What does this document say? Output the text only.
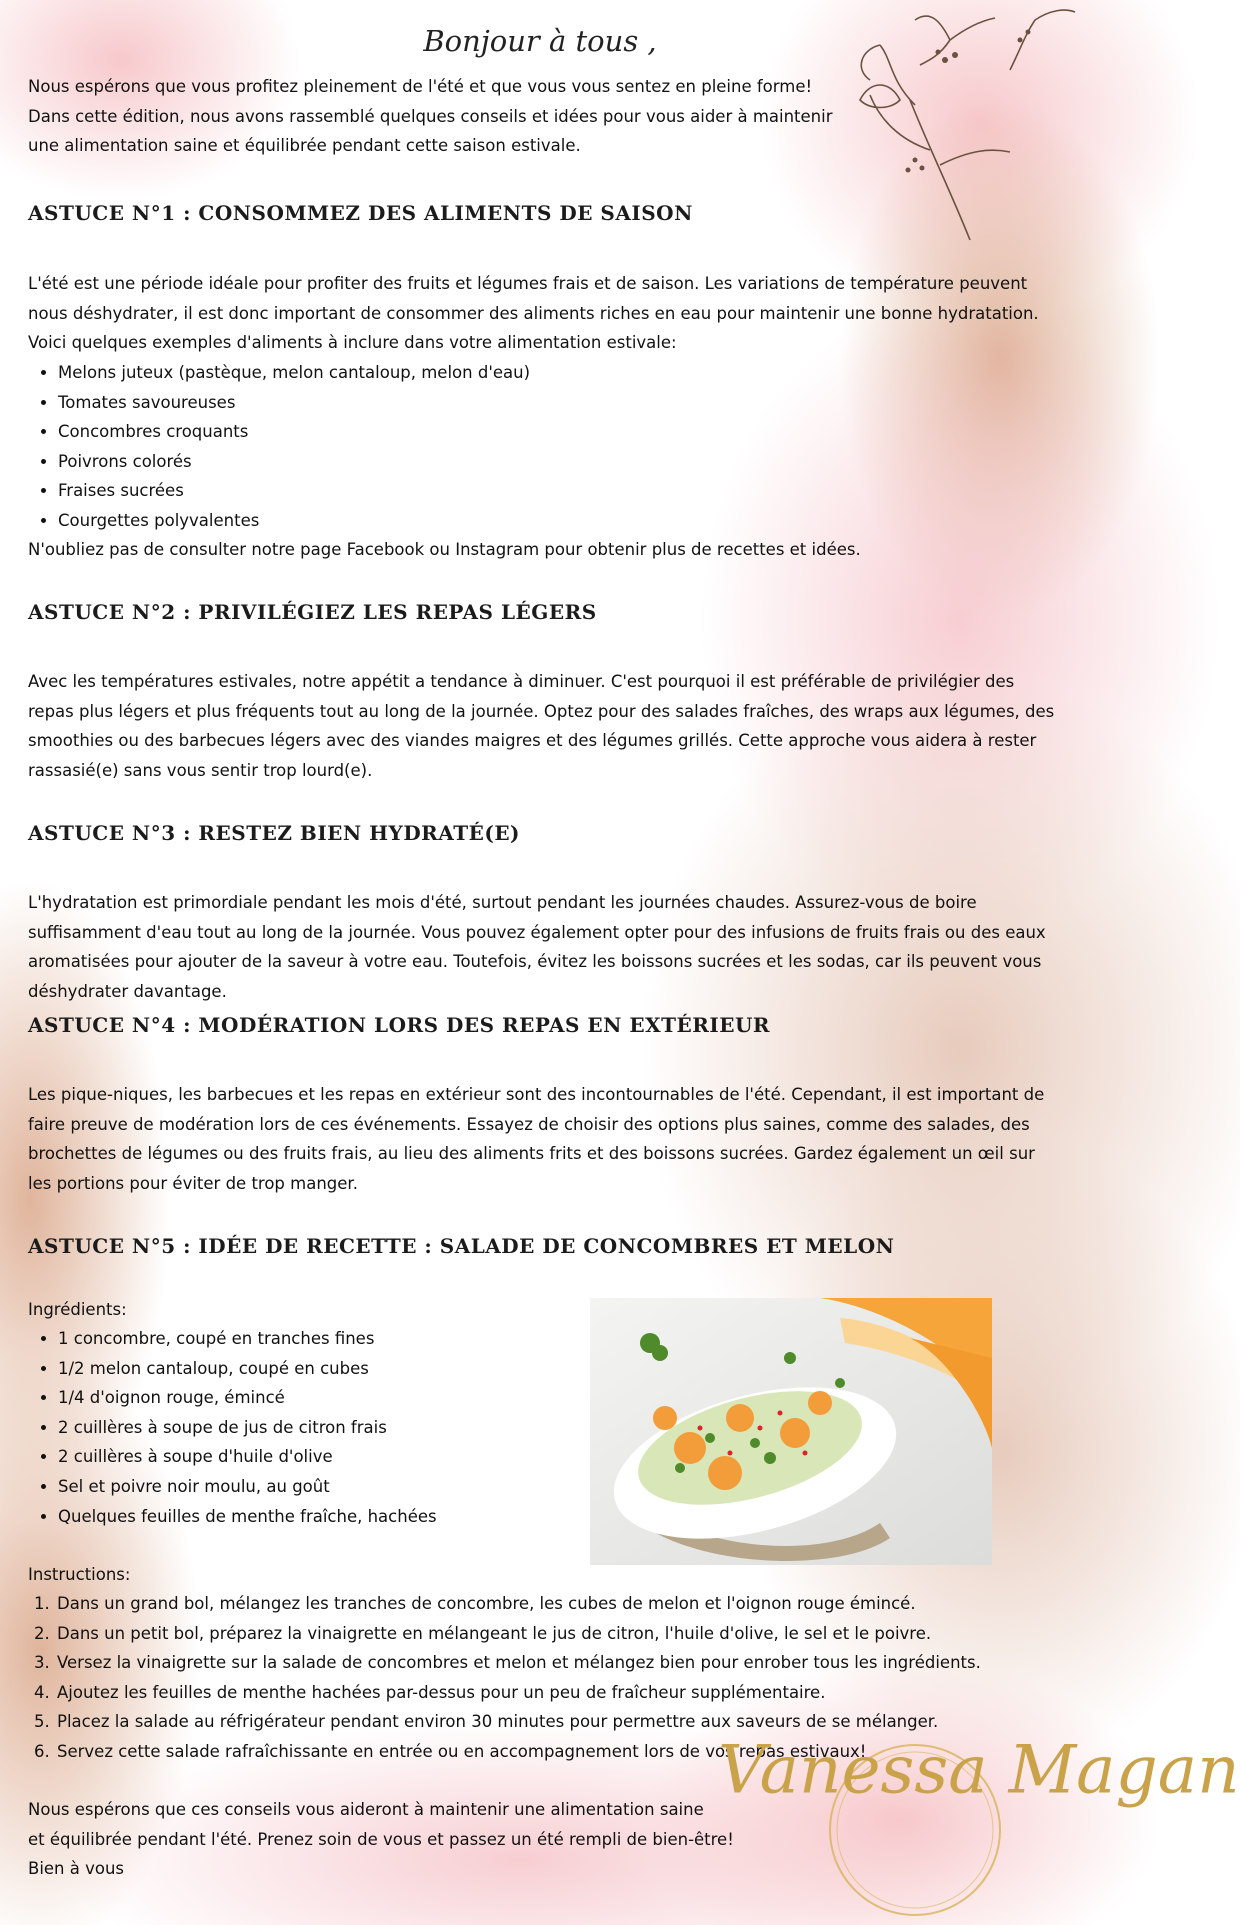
Bonjour à tous ,

Nous espérons que vous profitez pleinement de l'été et que vous vous sentez en pleine forme!

Dans cette édition, nous avons rassemblé quelques conseils et idées pour vous aider à maintenir

une alimentation saine et équilibrée pendant cette saison estivale.

ASTUCE N°1 : CONSOMMEZ DES ALIMENTS DE SAISON

L'été est une période idéale pour profiter des fruits et légumes frais et de saison. Les variations de température peuvent nous déshydrater, il est donc important de consommer des aliments riches en eau pour maintenir une bonne hydratation. Voici quelques exemples d'aliments à inclure dans votre alimentation estivale:

• Melons juteux (pastèque, melon cantaloup, melon d'eau)
• Tomates savoureuses
• Concombres croquants
• Poivrons colorés
• Fraises sucrées
• Courgettes polyvalentes

N'oubliez pas de consulter notre page Facebook ou Instagram pour obtenir plus de recettes et idées.

ASTUCE N°2 : PRIVILÉGIEZ LES REPAS LÉGERS

Avec les températures estivales, notre appétit a tendance à diminuer. C'est pourquoi il est préférable de privilégier des repas plus légers et plus fréquents tout au long de la journée. Optez pour des salades fraîches, des wraps aux légumes, des smoothies ou des barbecues légers avec des viandes maigres et des légumes grillés. Cette approche vous aidera à rester rassasié(e) sans vous sentir trop lourd(e).

ASTUCE N°3 : RESTEZ BIEN HYDRATÉ(E)

L'hydratation est primordiale pendant les mois d'été, surtout pendant les journées chaudes. Assurez-vous de boire suffisamment d'eau tout au long de la journée. Vous pouvez également opter pour des infusions de fruits frais ou des eaux aromatisées pour ajouter de la saveur à votre eau. Toutefois, évitez les boissons sucrées et les sodas, car ils peuvent vous déshydrater davantage.

ASTUCE N°4 : MODÉRATION LORS DES REPAS EN EXTÉRIEUR

Les pique-niques, les barbecues et les repas en extérieur sont des incontournables de l'été. Cependant, il est important de faire preuve de modération lors de ces événements. Essayez de choisir des options plus saines, comme des salades, des brochettes de légumes ou des fruits frais, au lieu des aliments frits et des boissons sucrées. Gardez également un œil sur les portions pour éviter de trop manger.

ASTUCE N°5 : IDÉE DE RECETTE : SALADE DE CONCOMBRES ET MELON

Ingrédients:

• 1 concombre, coupé en tranches fines
• 1/2 melon cantaloup, coupé en cubes
• 1/4 d'oignon rouge, émincé
• 2 cuillères à soupe de jus de citron frais
• 2 cuillères à soupe d'huile d'olive
• Sel et poivre noir moulu, au goût
• Quelques feuilles de menthe fraîche, hachées

Instructions:

1. Dans un grand bol, mélangez les tranches de concombre, les cubes de melon et l'oignon rouge émincé.
2. Dans un petit bol, préparez la vinaigrette en mélangeant le jus de citron, l'huile d'olive, le sel et le poivre.
3. Versez la vinaigrette sur la salade de concombres et melon et mélangez bien pour enrober tous les ingrédients.
4. Ajoutez les feuilles de menthe hachées par-dessus pour un peu de fraîcheur supplémentaire.
5. Placez la salade au réfrigérateur pendant environ 30 minutes pour permettre aux saveurs de se mélanger.
6. Servez cette salade rafraîchissante en entrée ou en accompagnement lors de vos repas estivaux!

Nous espérons que ces conseils vous aideront à maintenir une alimentation saine

et équilibrée pendant l'été. Prenez soin de vous et passez un été rempli de bien-être!

Bien à vous

Vanessa Magan
